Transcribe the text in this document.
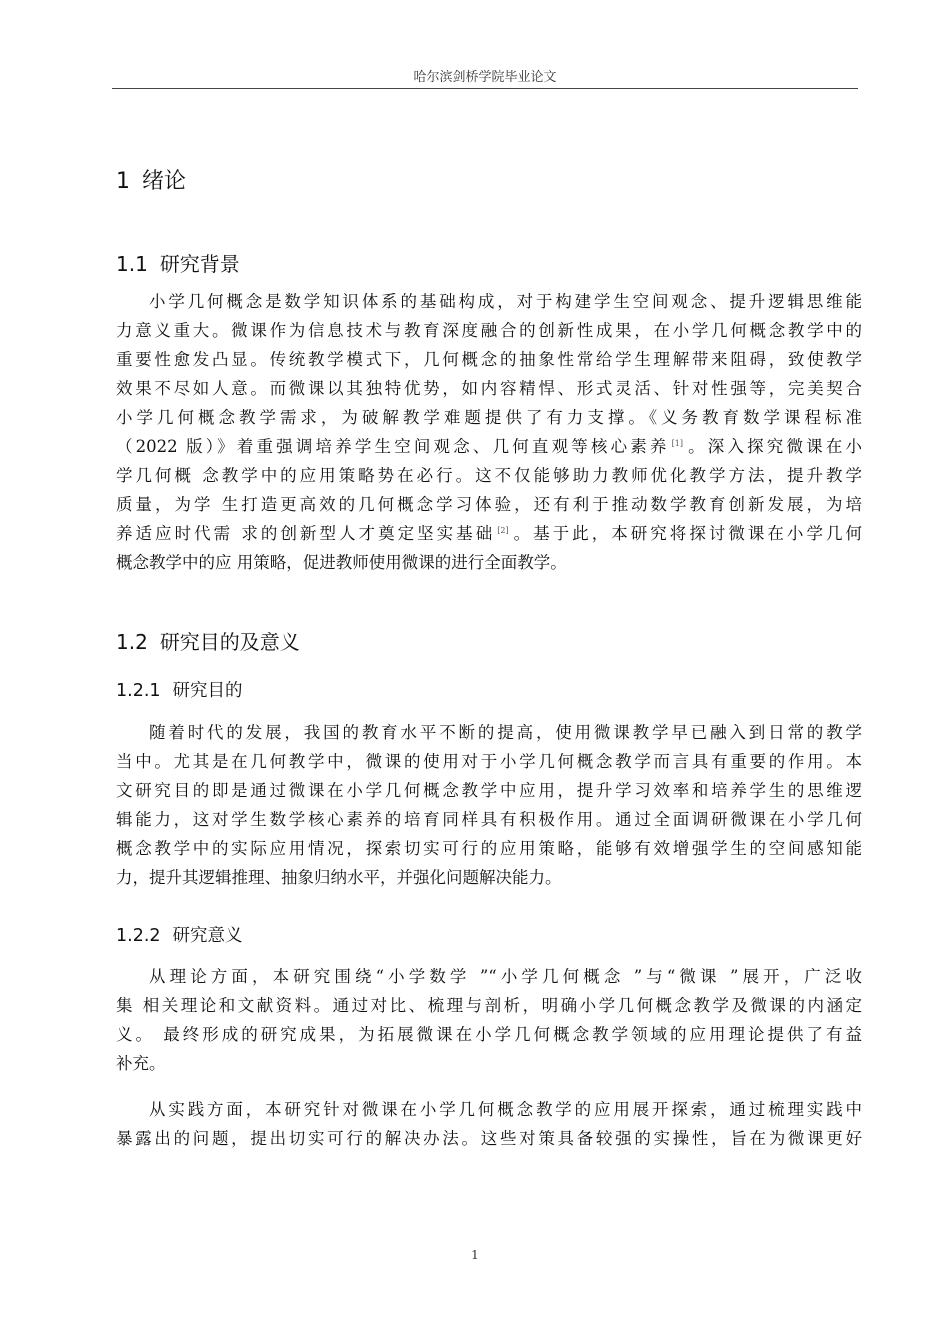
哈尔滨剑桥学院毕业论文
1 绪论
1.1 研究背景
小学几何概念是数学知识体系的基础构成，对于构建学生空间观念、提升逻辑思维能
力意义重大。微课作为信息技术与教育深度融合的创新性成果，在小学几何概念教学中的
重要性愈发凸显。传统教学模式下，几何概念的抽象性常给学生理解带来阻碍，致使教学
效果不尽如人意。而微课以其独特优势，如内容精悍、形式灵活、针对性强等，完美契合
小学几何概念教学需求，为破解教学难题提供了有力支撑。《义务教育数学课程标准
（2022 版）》着重强调培养学生空间观念、几何直观等核心素养 [1] 。深入探究微课在小
学几何概 念教学中的应用策略势在必行。这不仅能够助力教师优化教学方法，提升教学
质量，为学 生打造更高效的几何概念学习体验，还有利于推动数学教育创新发展，为培
养适应时代需 求的创新型人才奠定坚实基础 [2] 。基于此，本研究将探讨微课在小学几何
概念教学中的应 用策略，促进教师使用微课的进行全面教学。
1.2 研究目的及意义
1.2.1 研究目的
随着时代的发展，我国的教育水平不断的提高，使用微课教学早已融入到日常的教学
当中。尤其是在几何教学中，微课的使用对于小学几何概念教学而言具有重要的作用。本
文研究目的即是通过微课在小学几何概念教学中应用，提升学习效率和培养学生的思维逻
辑能力，这对学生数学核心素养的培育同样具有积极作用。通过全面调研微课在小学几何
概念教学中的实际应用情况，探索切实可行的应用策略，能够有效增强学生的空间感知能
力，提升其逻辑推理、抽象归纳水平，并强化问题解决能力。
1.2.2 研究意义
从理论方面，本研究围绕“小学数学 ”“小学几何概念 ”与“微课 ”展开，广泛收
集 相关理论和文献资料。通过对比、梳理与剖析，明确小学几何概念教学及微课的内涵定
义。 最终形成的研究成果，为拓展微课在小学几何概念教学领域的应用理论提供了有益
补充。
从实践方面，本研究针对微课在小学几何概念教学的应用展开探索，通过梳理实践中
暴露出的问题，提出切实可行的解决办法。这些对策具备较强的实操性，旨在为微课更好
1
